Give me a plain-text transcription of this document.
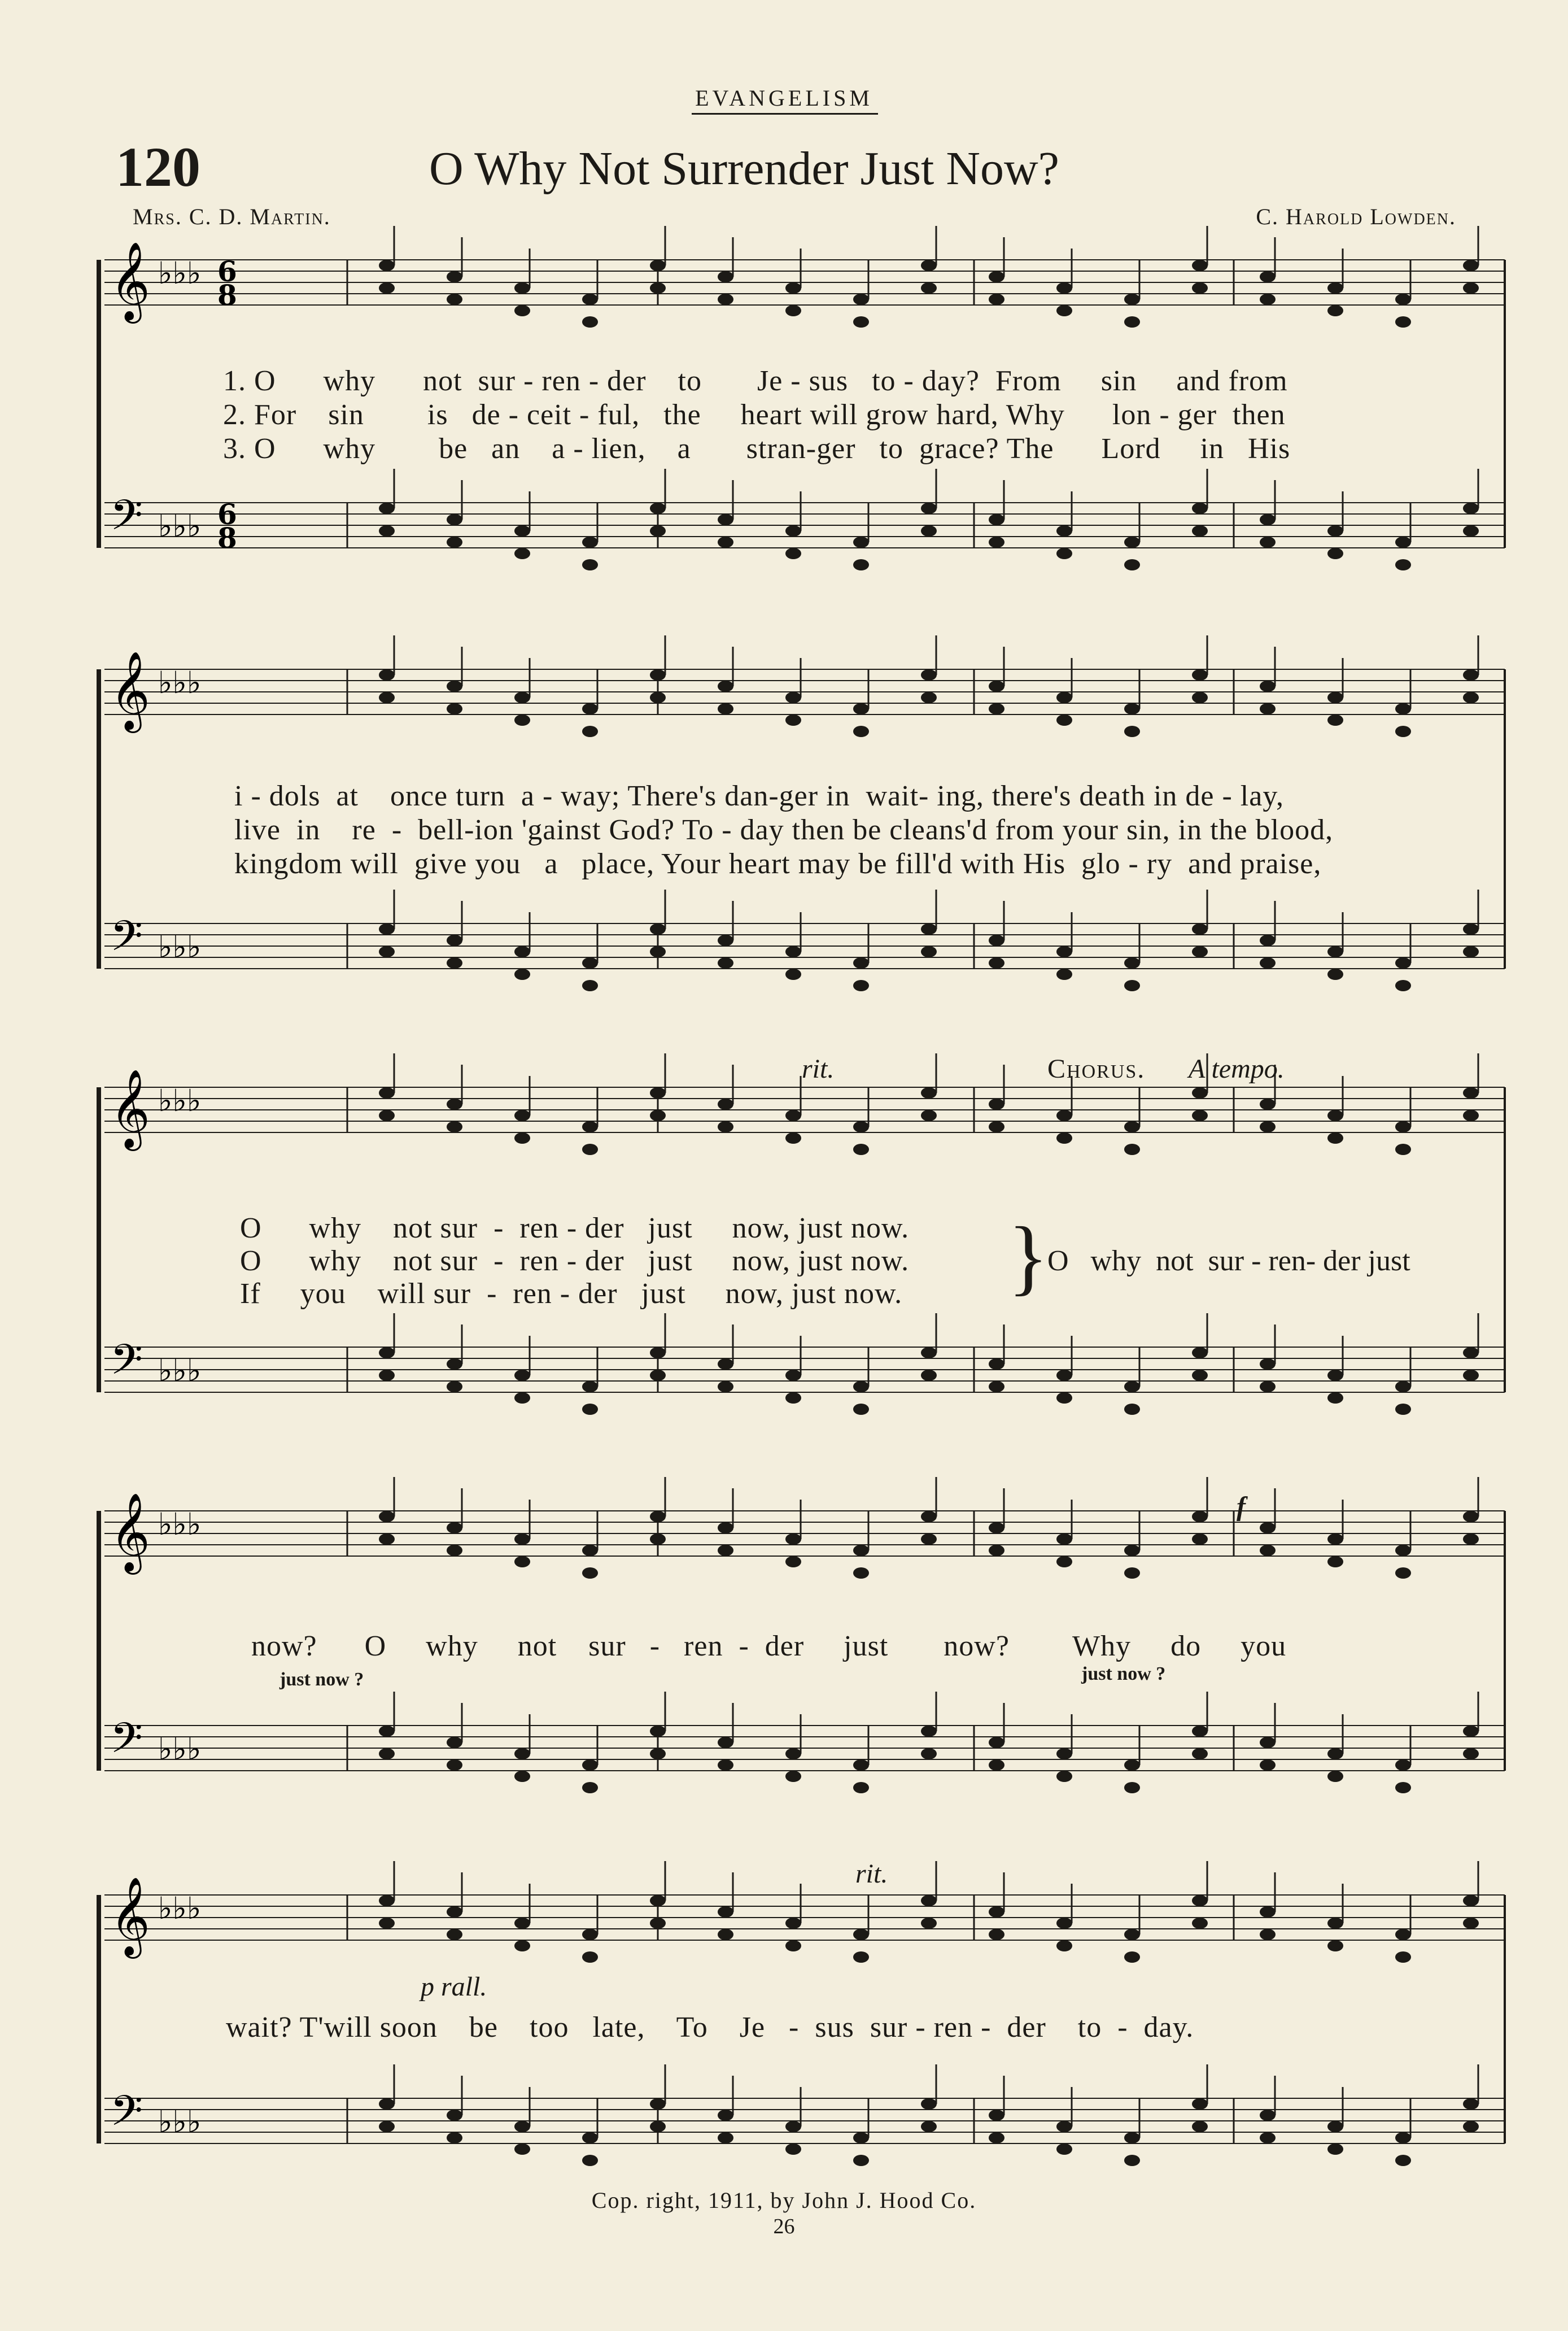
EVANGELISM
120	O Why Not Surrender Just Now?
Mrs. C. D. Martin.	C. Harold Lowden.
𝄞 ♭♭♭ 6
8
𝄢 ♭♭♭ 6
8
1. O      why      not  sur - ren - der    to       Je - sus   to - day?  From     sin     and from
2. For    sin        is   de - ceit - ful,   the     heart will grow hard, Why      lon - ger  then
3. O      why        be   an    a - lien,    a       stran-ger   to  grace? The      Lord     in   His
𝄞 ♭♭♭
𝄢 ♭♭♭
i - dols  at    once turn  a - way; There's dan-ger in  wait- ing, there's death in de - lay,
live  in    re  -  bell-ion 'gainst God? To - day then be cleans'd from your sin, in the blood,
kingdom will  give you   a   place, Your heart may be fill'd with His  glo - ry  and praise,
𝄞 ♭♭♭
𝄢 ♭♭♭
rit.	Chorus. A tempo.
O      why    not sur  -  ren - der   just     now, just now.
O      why    not sur  -  ren - der   just     now, just now.
If     you    will sur  -  ren - der   just     now, just now.	}
O   why  not  sur - ren- der just
𝄞 ♭♭♭
𝄢 ♭♭♭
f
now?      O     why     not    sur   -   ren  -  der     just       now?        Why     do     you
just now ?	just now ?
𝄞 ♭♭♭
𝄢 ♭♭♭
rit.
p rall.
wait? T'will soon    be    too   late,    To    Je   -  sus  sur - ren -  der    to  -  day.
Cop. right, 1911, by John J. Hood Co.
26
